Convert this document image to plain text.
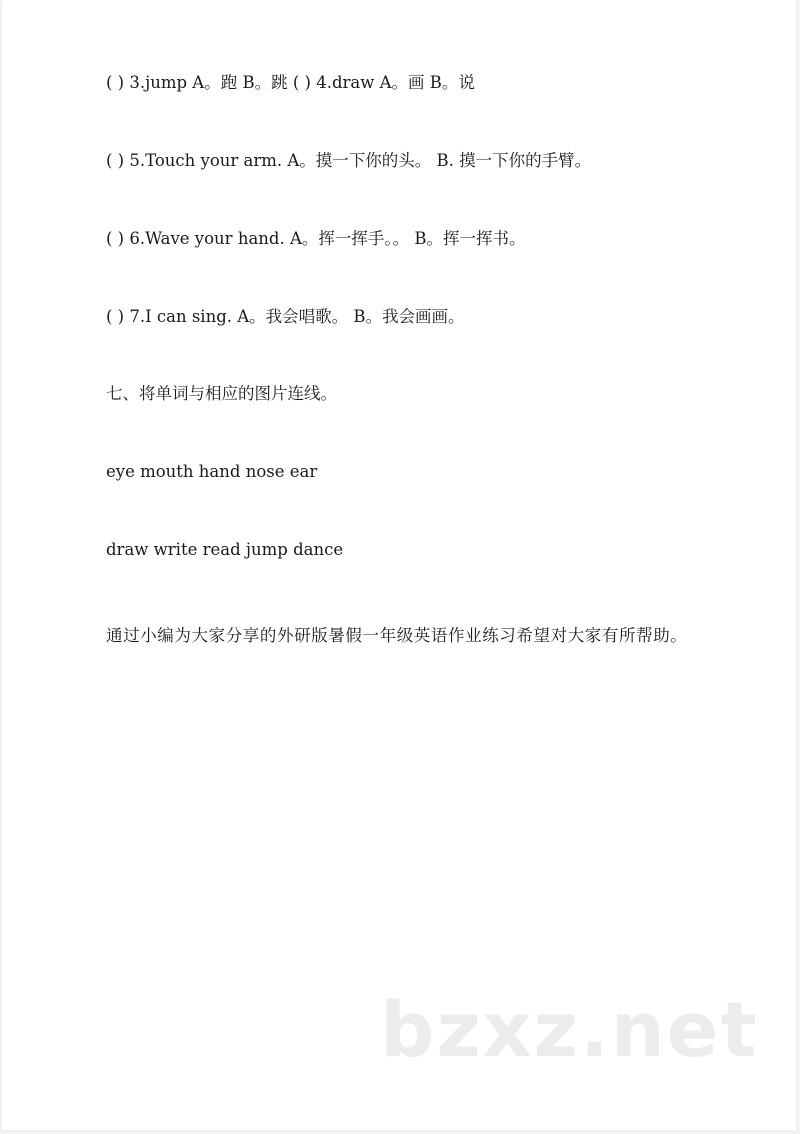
( ) 3.jump A。跑 B。跳 ( ) 4.draw A。画 B。说
( ) 5.Touch your arm. A。摸一下你的头。 B. 摸一下你的手臂。
( ) 6.Wave your hand. A。挥一挥手。。 B。挥一挥书。
( ) 7.I can sing. A。我会唱歌。 B。我会画画。
七、将单词与相应的图片连线。
eye mouth hand nose ear
draw write read jump dance
通过小编为大家分享的外研版暑假一年级英语作业练习希望对大家有所帮助。
bzxz.net
